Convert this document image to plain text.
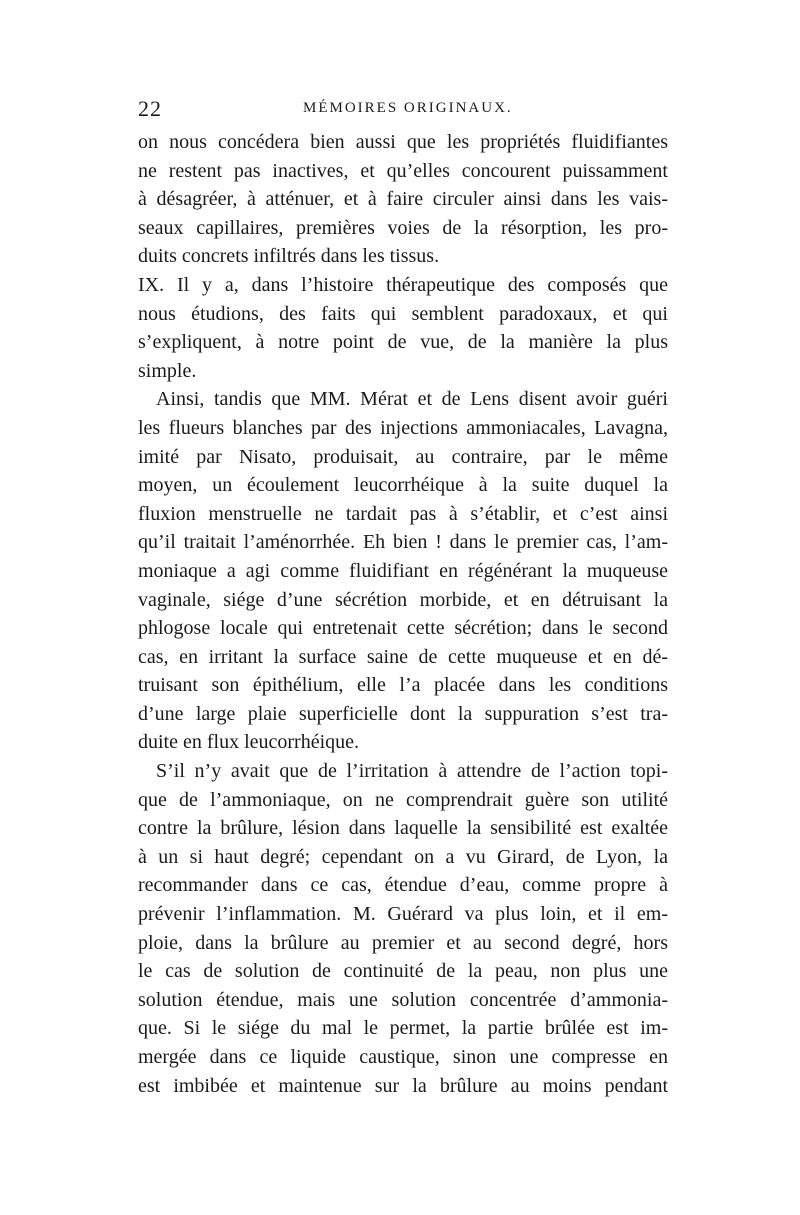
22	MÉMOIRES ORIGINAUX.
on nous concédera bien aussi que les propriétés fluidifiantes
ne restent pas inactives, et qu’elles concourent puissamment
à désagréer, à atténuer, et à faire circuler ainsi dans les vais-
seaux capillaires, premières voies de la résorption, les pro-
duits concrets infiltrés dans les tissus.
IX. Il y a, dans l’histoire thérapeutique des composés que
nous étudions, des faits qui semblent paradoxaux, et qui
s’expliquent, à notre point de vue, de la manière la plus
simple.
Ainsi, tandis que MM. Mérat et de Lens disent avoir guéri
les flueurs blanches par des injections ammoniacales, Lavagna,
imité par Nisato, produisait, au contraire, par le même
moyen, un écoulement leucorrhéique à la suite duquel la
fluxion menstruelle ne tardait pas à s’établir, et c’est ainsi
qu’il traitait l’aménorrhée. Eh bien ! dans le premier cas, l’am-
moniaque a agi comme fluidifiant en régénérant la muqueuse
vaginale, siége d’une sécrétion morbide, et en détruisant la
phlogose locale qui entretenait cette sécrétion; dans le second
cas, en irritant la surface saine de cette muqueuse et en dé-
truisant son épithélium, elle l’a placée dans les conditions
d’une large plaie superficielle dont la suppuration s’est tra-
duite en flux leucorrhéique.
S’il n’y avait que de l’irritation à attendre de l’action topi-
que de l’ammoniaque, on ne comprendrait guère son utilité
contre la brûlure, lésion dans laquelle la sensibilité est exaltée
à un si haut degré; cependant on a vu Girard, de Lyon, la
recommander dans ce cas, étendue d’eau, comme propre à
prévenir l’inflammation. M. Guérard va plus loin, et il em-
ploie, dans la brûlure au premier et au second degré, hors
le cas de solution de continuité de la peau, non plus une
solution étendue, mais une solution concentrée d’ammonia-
que. Si le siége du mal le permet, la partie brûlée est im-
mergée dans ce liquide caustique, sinon une compresse en
est imbibée et maintenue sur la brûlure au moins pendant
